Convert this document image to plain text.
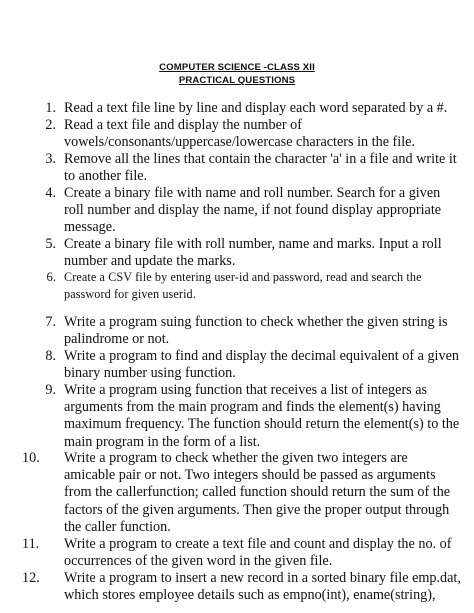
COMPUTER SCIENCE -CLASS XII
PRACTICAL QUESTIONS
1. Read a text file line by line and display each word separated by a #.
2. Read a text file and display the number of
vowels/consonants/uppercase/lowercase characters in the file.
3. Remove all the lines that contain the character 'a' in a file and write it
to another file.
4. Create a binary file with name and roll number. Search for a given
roll number and display the name, if not found display appropriate
message.
5. Create a binary file with roll number, name and marks. Input a roll
number and update the marks.
6. Create a CSV file by entering user-id and password, read and search the
password for given userid.
7. Write a program suing function to check whether the given string is
palindrome or not.
8. Write a program to find and display the decimal equivalent of a given
binary number using function.
9. Write a program using function that receives a list of integers as
arguments from the main program and finds the element(s) having
maximum frequency. The function should return the element(s) to the
main program in the form of a list.
10.	Write a program to check whether the given two integers are
amicable pair or not. Two integers should be passed as arguments
from the callerfunction; called function should return the sum of the
factors of the given arguments. Then give the proper output through
the caller function.
11.	Write a program to create a text file and count and display the no. of
occurrences of the given word in the given file.
12.	Write a program to insert a new record in a sorted binary file emp.dat,
which stores employee details such as empno(int), ename(string),
